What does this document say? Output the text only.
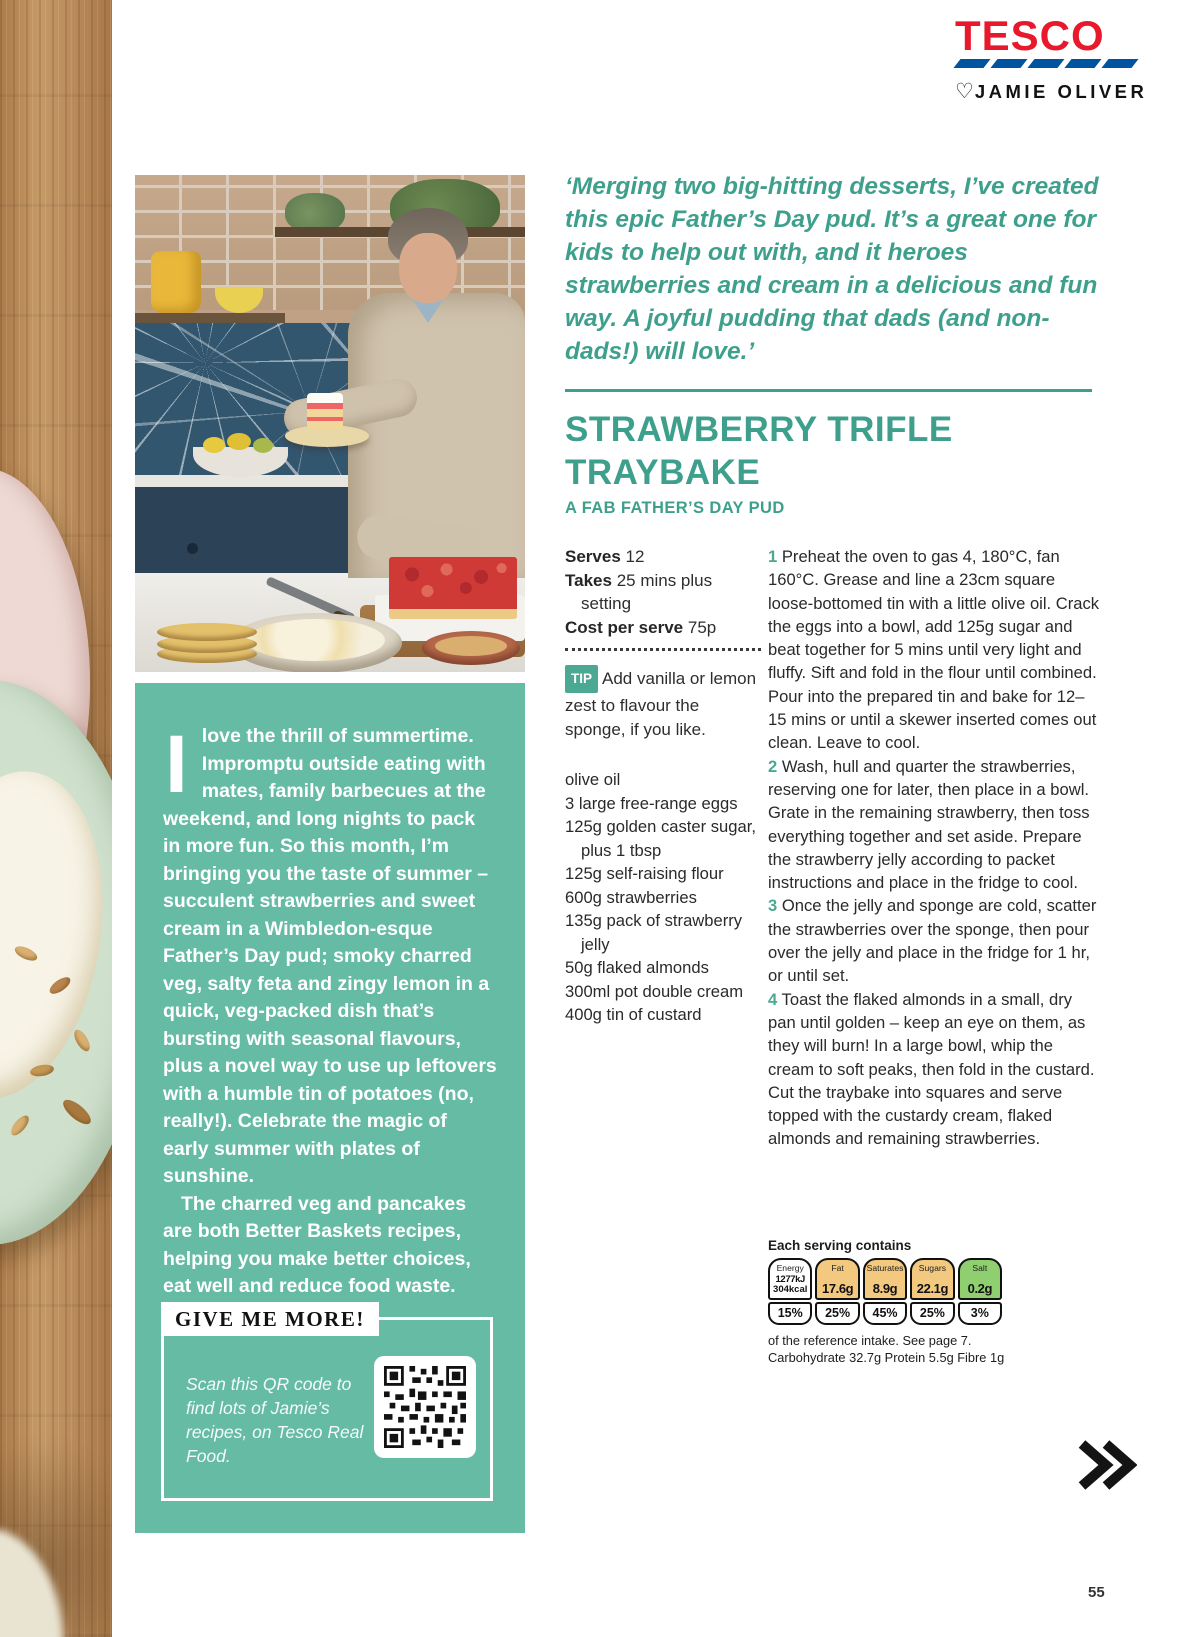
TESCO
♡JAMIE OLIVER

Ilove the thrill of summertime. Impromptu outside eating with mates, family barbecues at the weekend, and long nights to pack in more fun. So this month, I’m bringing you the taste of summer – succulent strawberries and sweet cream in a Wimbledon-esque Father’s Day pud; smoky charred veg, salty feta and zingy lemon in a quick, veg-packed dish that’s bursting with seasonal flavours, plus a novel way to use up leftovers with a humble tin of potatoes (no, really!). Celebrate the magic of early summer with plates of sunshine.

The charred veg and pancakes are both Better Baskets recipes, helping you make better choices, eat well and reduce food waste.

GIVE ME MORE!
Scan this QR code to find lots of Jamie’s recipes, on Tesco Real Food.
‘Merging two big-hitting desserts, I’ve created this epic Father’s Day pud. It’s a great one for kids to help out with, and it heroes strawberries and cream in a delicious and fun way. A joyful pudding that dads (and non-dads!) will love.’
STRAWBERRY TRIFLE TRAYBAKE
A FAB FATHER’S DAY PUD

Serves 12

Takes 25 mins plus setting

Cost per serve 75p

TIP Add vanilla or lemon zest to flavour the sponge, if you like.

olive oil
3 large free-range eggs
125g golden caster sugar, plus 1 tbsp
125g self-raising flour
600g strawberries
135g pack of strawberry jelly
50g flaked almonds
300ml pot double cream
400g tin of custard

1 Preheat the oven to gas 4, 180°C, fan 160°C. Grease and line a 23cm square loose-bottomed tin with a little olive oil. Crack the eggs into a bowl, add 125g sugar and beat together for 5 mins until very light and fluffy. Sift and fold in the flour until combined. Pour into the prepared tin and bake for 12–15 mins or until a skewer inserted comes out clean. Leave to cool.

2 Wash, hull and quarter the strawberries, reserving one for later, then place in a bowl. Grate in the remaining strawberry, then toss everything together and set aside. Prepare the strawberry jelly according to packet instructions and place in the fridge to cool.

3 Once the jelly and sponge are cold, scatter the strawberries over the sponge, then pour over the jelly and place in the fridge for 1 hr, or until set.

4 Toast the flaked almonds in a small, dry pan until golden – keep an eye on them, as they will burn! In a large bowl, whip the cream to soft peaks, then fold in the custard. Cut the traybake into squares and serve topped with the custardy cream, flaked almonds and remaining strawberries.

Each serving contains

Energy
1277kJ
304kcal
15%
Fat
17.6g
25%
Saturates
8.9g
45%
Sugars
22.1g
25%
Salt
0.2g
3%

of the reference intake. See page 7.
Carbohydrate 32.7g Protein 5.5g Fibre 1g

55
